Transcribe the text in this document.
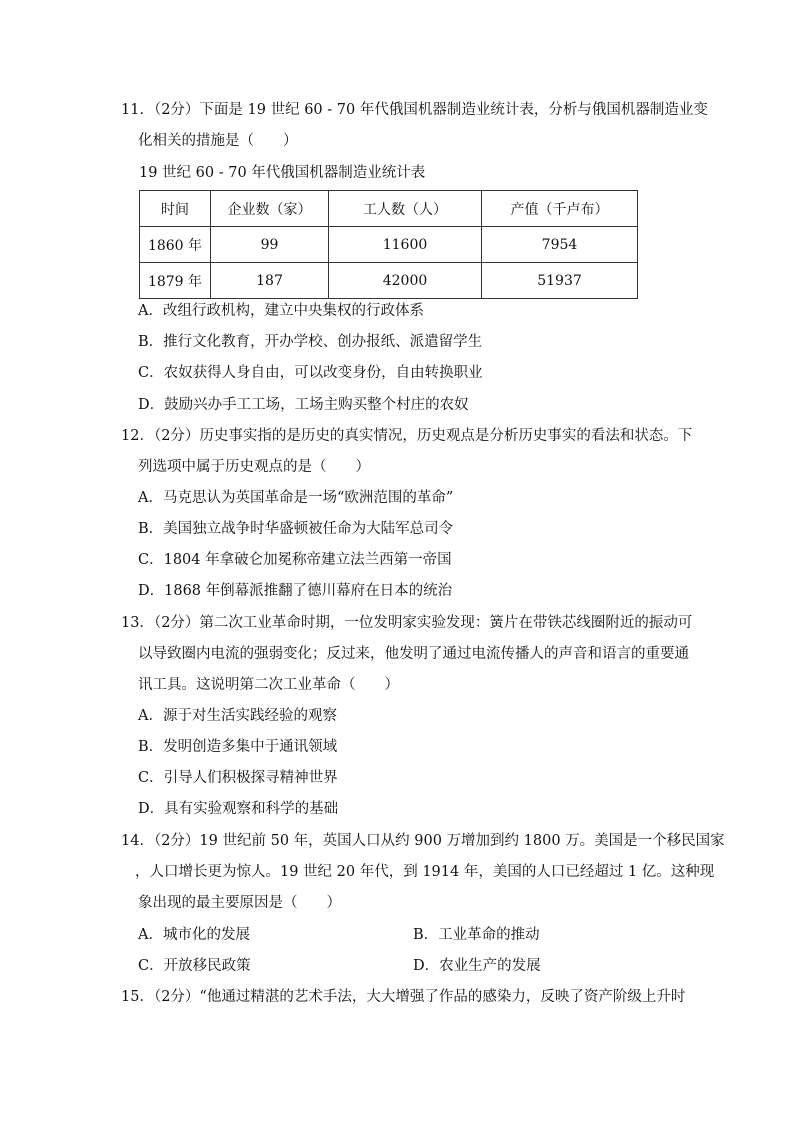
11．（2分）下面是 19 世纪 60 - 70 年代俄国机器制造业统计表，分析与俄国机器制造业变
化相关的措施是（　　）
19 世纪 60 - 70 年代俄国机器制造业统计表
时间	企业数（家）	工人数（人）	产值（千卢布）
1860 年	99	11600	7954
1879 年	187	42000	51937
A．改组行政机构，建立中央集权的行政体系
B．推行文化教育，开办学校、创办报纸、派遣留学生
C．农奴获得人身自由，可以改变身份，自由转换职业
D．鼓励兴办手工工场，工场主购买整个村庄的农奴
12．（2分）历史事实指的是历史的真实情况，历史观点是分析历史事实的看法和状态。下
列选项中属于历史观点的是（　　）
A．马克思认为英国革命是一场“欧洲范围的革命”
B．美国独立战争时华盛顿被任命为大陆军总司令
C．1804 年拿破仑加冕称帝建立法兰西第一帝国
D．1868 年倒幕派推翻了德川幕府在日本的统治
13．（2分）第二次工业革命时期，一位发明家实验发现：簧片在带铁芯线圈附近的振动可
以导致圈内电流的强弱变化；反过来，他发明了通过电流传播人的声音和语言的重要通
讯工具。这说明第二次工业革命（　　）
A．源于对生活实践经验的观察
B．发明创造多集中于通讯领域
C．引导人们积极探寻精神世界
D．具有实验观察和科学的基础
14．（2分）19 世纪前 50 年，英国人口从约 900 万增加到约 1800 万。美国是一个移民国家
，人口增长更为惊人。19 世纪 20 年代，到 1914 年，美国的人口已经超过 1 亿。这种现
象出现的最主要原因是（　　）
A．城市化的发展	B．工业革命的推动
C．开放移民政策	D．农业生产的发展
15．（2分）“他通过精湛的艺术手法，大大增强了作品的感染力，反映了资产阶级上升时
